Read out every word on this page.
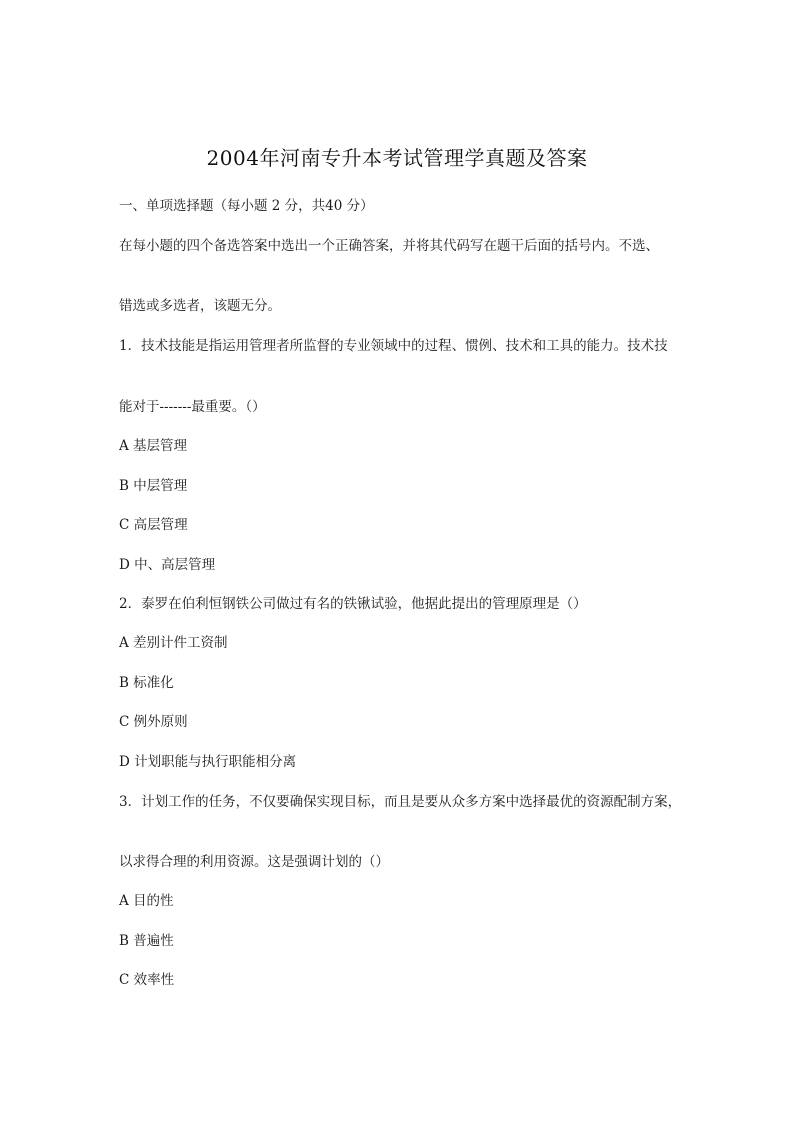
2004年河南专升本考试管理学真题及答案
一、单项选择题（每小题 2 分，共40 分）
在每小题的四个备选答案中选出一个正确答案，并将其代码写在题干后面的括号内。不选、
错选或多选者，该题无分。
1．技术技能是指运用管理者所监督的专业领域中的过程、惯例、技术和工具的能力。技术技
能对于-------最重要。（）
A 基层管理
B 中层管理
C 高层管理
D 中、高层管理
2．泰罗在伯利恒钢铁公司做过有名的铁锹试验，他据此提出的管理原理是（）
A 差别计件工资制
B 标准化
C 例外原则
D 计划职能与执行职能相分离
3．计划工作的任务，不仅要确保实现目标，而且是要从众多方案中选择最优的资源配制方案，
以求得合理的利用资源。这是强调计划的（）
A 目的性
B 普遍性
C 效率性
